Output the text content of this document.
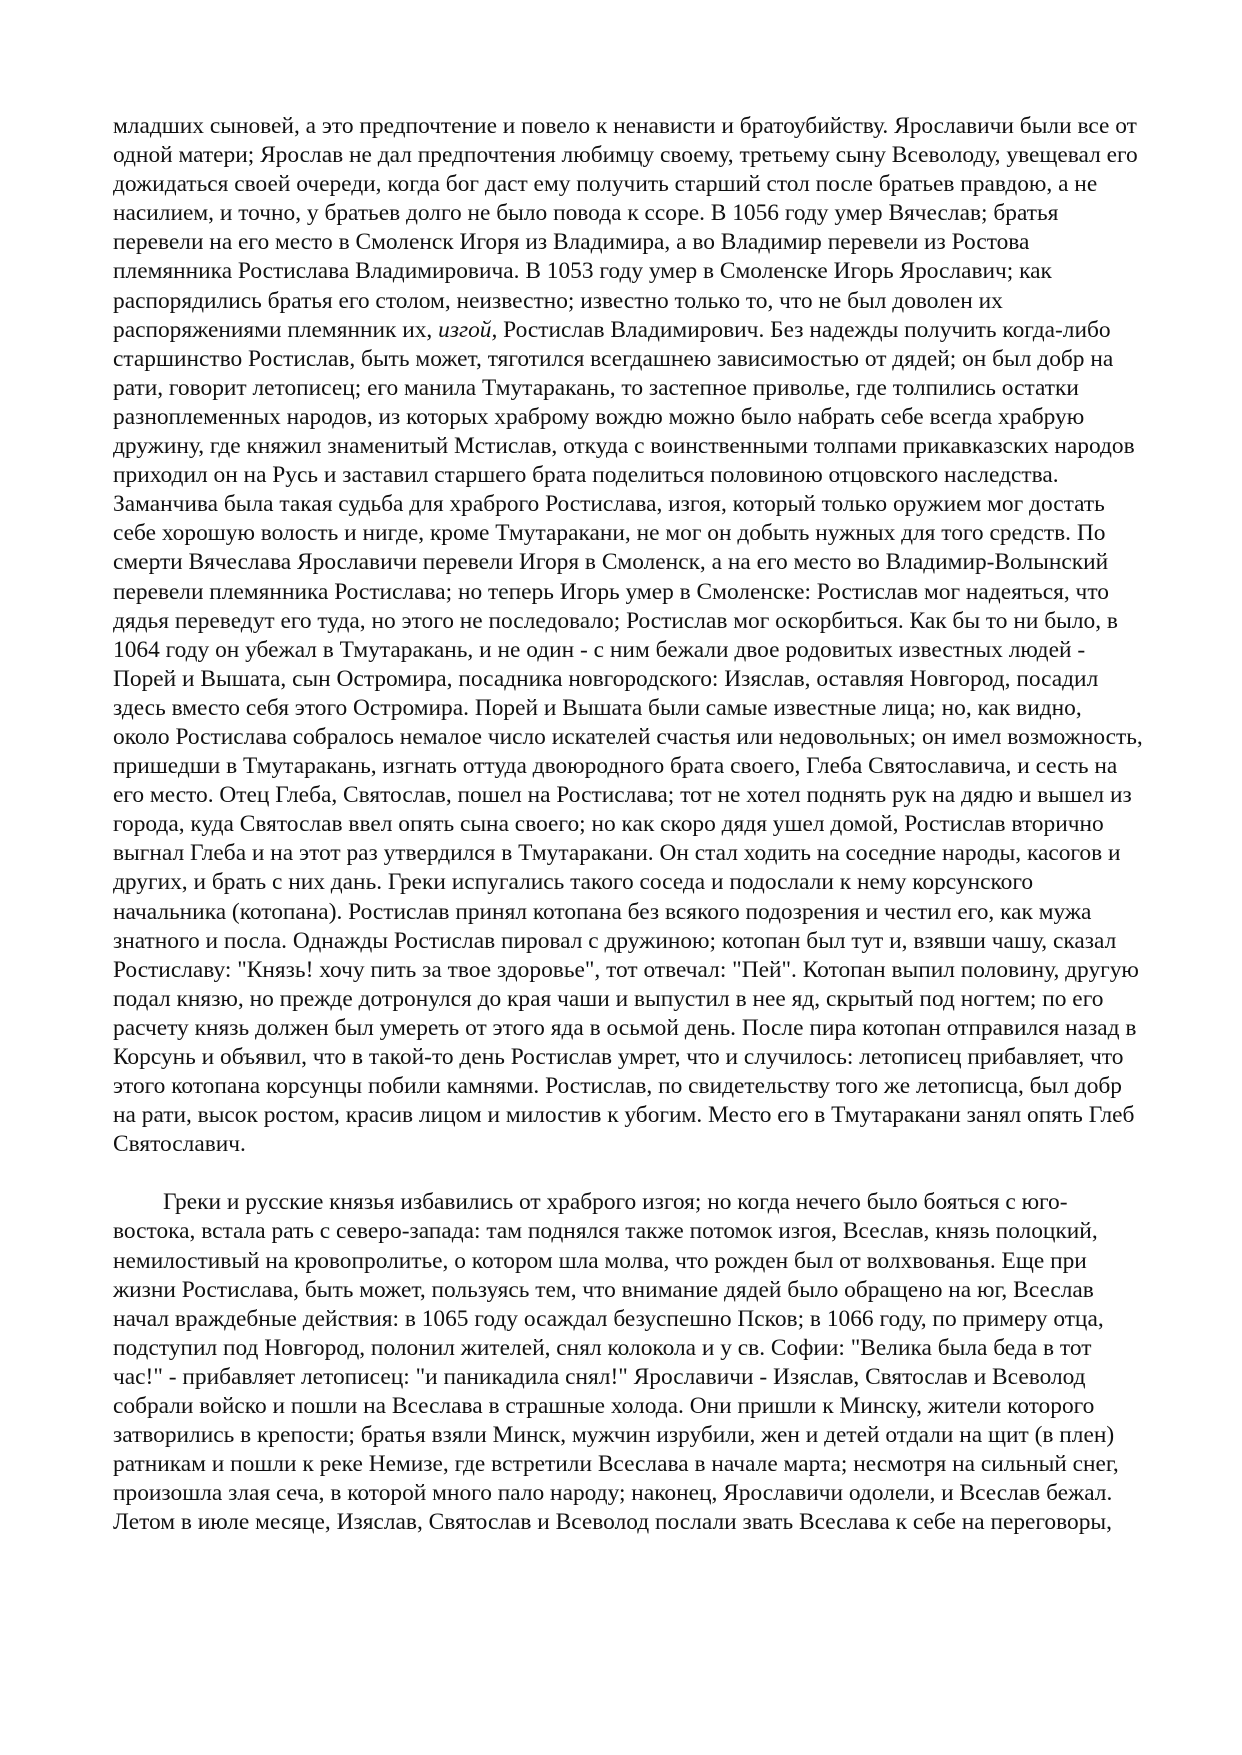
младших сыновей, а это предпочтение и повело к ненависти и братоубийству. Ярославичи были все от одной матери; Ярослав не дал предпочтения любимцу своему, третьему сыну Всеволоду, увещевал его дожидаться своей очереди, когда бог даст ему получить старший стол после братьев правдою, а не насилием, и точно, у братьев долго не было повода к ссоре. В 1056 году умер Вячеслав; братья перевели на его место в Смоленск Игоря из Владимира, а во Владимир перевели из Ростова племянника Ростислава Владимировича. В 1053 году умер в Смоленске Игорь Ярославич; как распорядились братья его столом, неизвестно; известно только то, что не был доволен их распоряжениями племянник их, изгой, Ростислав Владимирович. Без надежды получить когда-либо старшинство Ростислав, быть может, тяготился всегдашнею зависимостью от дядей; он был добр на рати, говорит летописец; его манила Тмутаракань, то застепное приволье, где толпились остатки разноплеменных народов, из которых храброму вождю можно было набрать себе всегда храбрую дружину, где княжил знаменитый Мстислав, откуда с воинственными толпами прикавказских народов приходил он на Русь и заставил старшего брата поделиться половиною отцовского наследства. Заманчива была такая судьба для храброго Ростислава, изгоя, который только оружием мог достать себе хорошую волость и нигде, кроме Тмутаракани, не мог он добыть нужных для того средств. По смерти Вячеслава Ярославичи перевели Игоря в Смоленск, а на его место во Владимир-Волынский перевели племянника Ростислава; но теперь Игорь умер в Смоленске: Ростислав мог надеяться, что дядья переведут его туда, но этого не последовало; Ростислав мог оскорбиться. Как бы то ни было, в 1064 году он убежал в Тмутаракань, и не один - с ним бежали двое родовитых известных людей - Порей и Вышата, сын Остромира, посадника новгородского: Изяслав, оставляя Новгород, посадил здесь вместо себя этого Остромира. Порей и Вышата были самые известные лица; но, как видно, около Ростислава собралось немалое число искателей счастья или недовольных; он имел возможность, пришедши в Тмутаракань, изгнать оттуда двоюродного брата своего, Глеба Святославича, и сесть на его место. Отец Глеба, Святослав, пошел на Ростислава; тот не хотел поднять рук на дядю и вышел из города, куда Святослав ввел опять сына своего; но как скоро дядя ушел домой, Ростислав вторично выгнал Глеба и на этот раз утвердился в Тмутаракани. Он стал ходить на соседние народы, касогов и других, и брать с них дань. Греки испугались такого соседа и подослали к нему корсунского начальника (котопана). Ростислав принял котопана без всякого подозрения и честил его, как мужа знатного и посла. Однажды Ростислав пировал с дружиною; котопан был тут и, взявши чашу, сказал Ростиславу: "Князь! хочу пить за твое здоровье", тот отвечал: "Пей". Котопан выпил половину, другую подал князю, но прежде дотронулся до края чаши и выпустил в нее яд, скрытый под ногтем; по его расчету князь должен был умереть от этого яда в осьмой день. После пира котопан отправился назад в Корсунь и объявил, что в такой-то день Ростислав умрет, что и случилось: летописец прибавляет, что этого котопана корсунцы побили камнями. Ростислав, по свидетельству того же летописца, был добр на рати, высок ростом, красив лицом и милостив к убогим. Место его в Тмутаракани занял опять Глеб Святославич.

Греки и русские князья избавились от храброго изгоя; но когда нечего было бояться с юго-востока, встала рать с северо-запада: там поднялся также потомок изгоя, Всеслав, князь полоцкий, немилостивый на кровопролитье, о котором шла молва, что рожден был от волхвованья. Еще при жизни Ростислава, быть может, пользуясь тем, что внимание дядей было обращено на юг, Всеслав начал враждебные действия: в 1065 году осаждал безуспешно Псков; в 1066 году, по примеру отца, подступил под Новгород, полонил жителей, снял колокола и у св. Софии: "Велика была беда в тот час!" - прибавляет летописец: "и паникадила снял!" Ярославичи - Изяслав, Святослав и Всеволод собрали войско и пошли на Всеслава в страшные холода. Они пришли к Минску, жители которого затворились в крепости; братья взяли Минск, мужчин изрубили, жен и детей отдали на щит (в плен) ратникам и пошли к реке Немизе, где встретили Всеслава в начале марта; несмотря на сильный снег, произошла злая сеча, в которой много пало народу; наконец, Ярославичи одолели, и Всеслав бежал. Летом в июле месяце, Изяслав, Святослав и Всеволод послали звать Всеслава к себе на переговоры,
